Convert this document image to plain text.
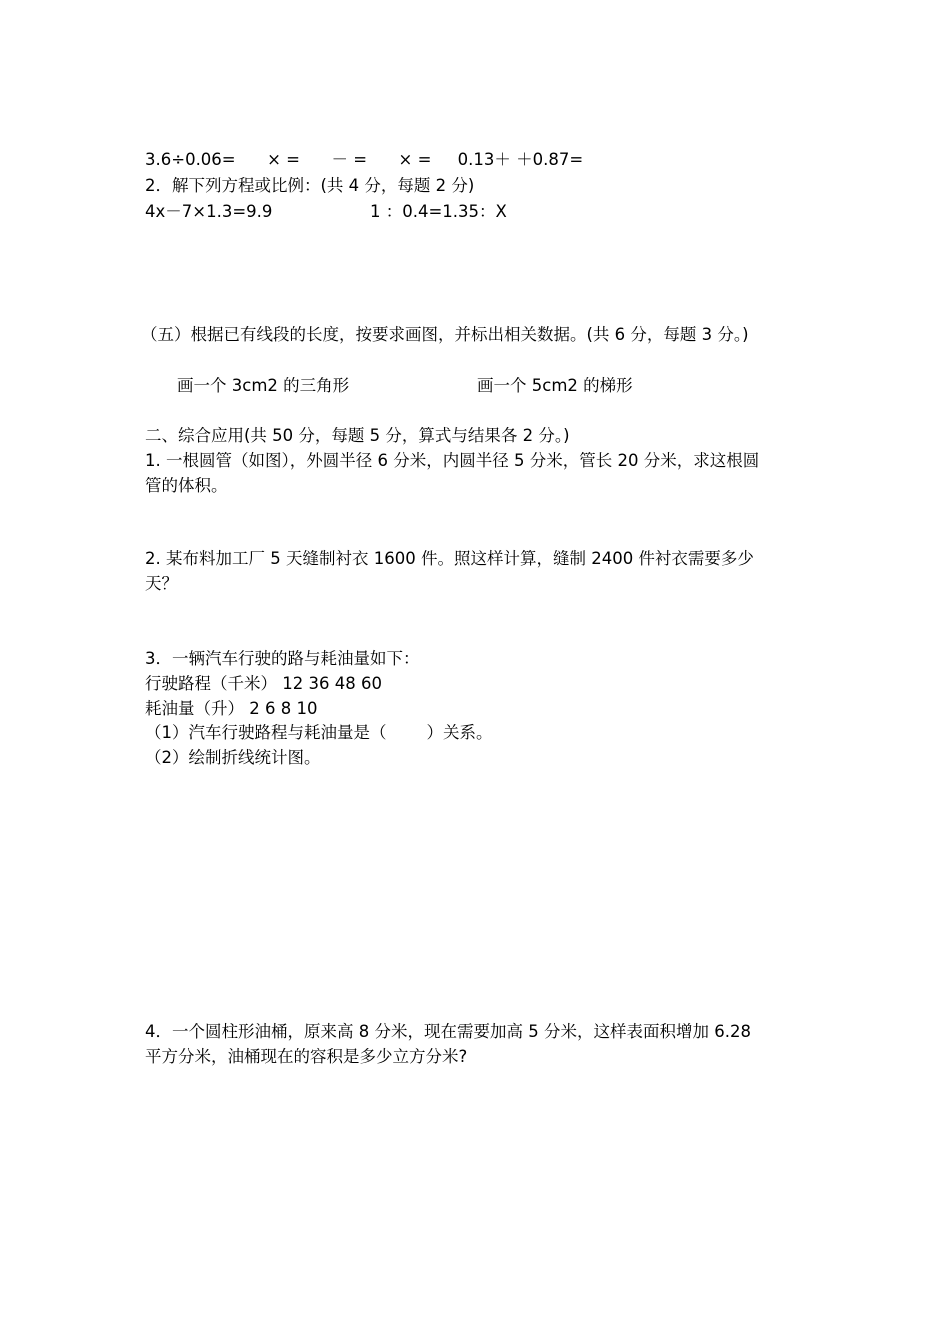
3.6÷0.06=      × =      － =      × =     0.13＋ ＋0.87=
2．解下列方程或比例：(共 4 分，每题 2 分)
4x－7×1.3=9.9	1 ：0.4=1.35：X
（五）根据已有线段的长度，按要求画图，并标出相关数据。(共 6 分，每题 3 分。)
画一个 3cm2 的三角形	画一个 5cm2 的梯形
二、综合应用(共 50 分，每题 5 分，算式与结果各 2 分。)
1. 一根圆管（如图），外圆半径 6 分米，内圆半径 5 分米，管长 20 分米，求这根圆
管的体积。
2. 某布料加工厂 5 天缝制衬衣 1600 件。照这样计算，缝制 2400 件衬衣需要多少
天？
3．一辆汽车行驶的路与耗油量如下：
行驶路程（千米） 12 36 48 60
耗油量（升） 2 6 8 10
（1）汽车行驶路程与耗油量是（ ）关系。
（2）绘制折线统计图。
4．一个圆柱形油桶，原来高 8 分米，现在需要加高 5 分米，这样表面积增加 6.28
平方分米，油桶现在的容积是多少立方分米?
